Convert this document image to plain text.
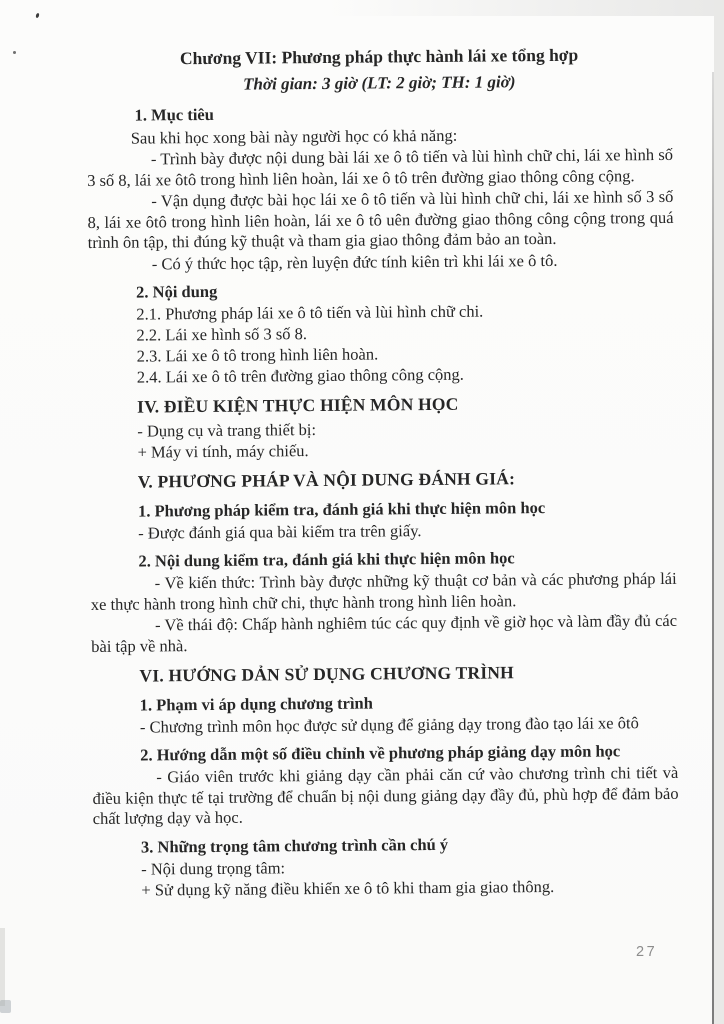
Chương VII: Phương pháp thực hành lái xe tổng hợp

Thời gian: 3 giờ (LT: 2 giờ; TH: 1 giờ)

1. Mục tiêu

Sau khi học xong bài này người học có khả năng:

- Trình bày được nội dung bài lái xe ô tô tiến và lùi hình chữ chi, lái xe hình số 3 số 8, lái xe ôtô trong hình liên hoàn, lái xe ô tô trên đường giao thông công cộng.

- Vận dụng được bài học lái xe ô tô tiến và lùi hình chữ chi, lái xe hình số 3 số 8, lái xe ôtô trong hình liên hoàn, lái xe ô tô uên đường giao thông công cộng trong quá trình ôn tập, thi đúng kỹ thuật và tham gia giao thông đảm bảo an toàn.

- Có ý thức học tập, rèn luyện đức tính kiên trì khi lái xe ô tô.

2. Nội dung

2.1. Phương pháp lái xe ô tô tiến và lùi hình chữ chi.

2.2. Lái xe hình số 3 số 8.

2.3. Lái xe ô tô trong hình liên hoàn.

2.4. Lái xe ô tô trên đường giao thông công cộng.

IV. ĐIỀU KIỆN THỰC HIỆN MÔN HỌC

- Dụng cụ và trang thiết bị:

+ Máy vi tính, máy chiếu.

V. PHƯƠNG PHÁP VÀ NỘI DUNG ĐÁNH GIÁ:

1. Phương pháp kiểm tra, đánh giá khi thực hiện môn học

- Được đánh giá qua bài kiểm tra trên giấy.

2. Nội dung kiểm tra, đánh giá khi thực hiện môn học

- Về kiến thức: Trình bày được những kỹ thuật cơ bản và các phương pháp lái xe thực hành trong hình chữ chi, thực hành trong hình liên hoàn.

- Về thái độ: Chấp hành nghiêm túc các quy định về giờ học và làm đầy đủ các bài tập về nhà.

VI. HƯỚNG DẢN SỬ DỤNG CHƯƠNG TRÌNH

1. Phạm vi áp dụng chương trình

- Chương trình môn học được sử dụng để giảng dạy trong đào tạo lái xe ôtô

2. Hướng dẫn một số điều chỉnh về phương pháp giảng dạy môn học

- Giáo viên trước khi giảng dạy cần phải căn cứ vào chương trình chi tiết và điều kiện thực tế tại trường để chuẩn bị nội dung giảng dạy đầy đủ, phù hợp để đảm bảo chất lượng dạy và học.

3. Những trọng tâm chương trình cần chú ý

- Nội dung trọng tâm:

+ Sử dụng kỹ năng điều khiển xe ô tô khi tham gia giao thông.

27
